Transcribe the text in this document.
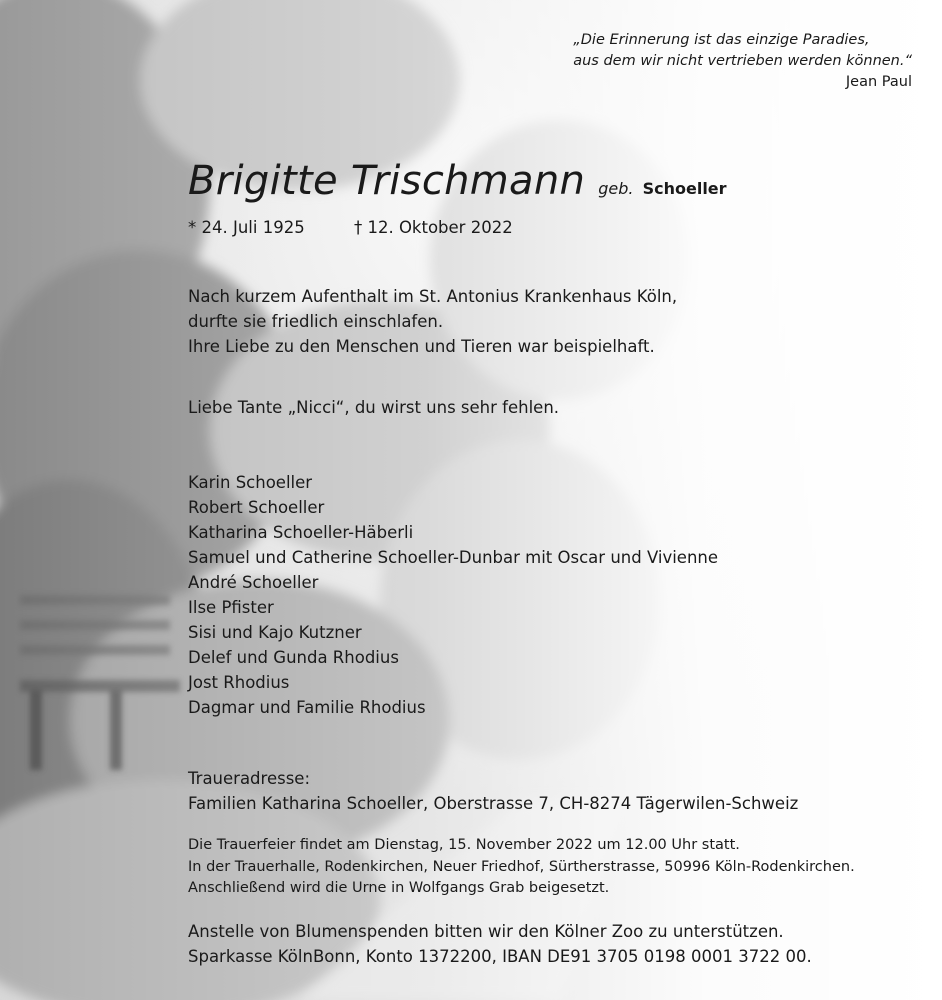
„Die Erinnerung ist das einzige Paradies,
aus dem wir nicht vertrieben werden können.“
Jean Paul
Brigitte Trischmann geb. Schoeller
* 24. Juli 1925	† 12. Oktober 2022
Nach kurzem Aufenthalt im St. Antonius Krankenhaus Köln,
durfte sie friedlich einschlafen.
Ihre Liebe zu den Menschen und Tieren war beispielhaft.
Liebe Tante „Nicci“, du wirst uns sehr fehlen.
Karin Schoeller
Robert Schoeller
Katharina Schoeller-Häberli
Samuel und Catherine Schoeller-Dunbar mit Oscar und Vivienne
André Schoeller
Ilse Pfister
Sisi und Kajo Kutzner
Delef und Gunda Rhodius
Jost Rhodius
Dagmar und Familie Rhodius
Traueradresse:
Familien Katharina Schoeller, Oberstrasse 7, CH-8274 Tägerwilen-Schweiz
Die Trauerfeier findet am Dienstag, 15. November 2022 um 12.00 Uhr statt.
In der Trauerhalle, Rodenkirchen, Neuer Friedhof, Sürtherstrasse, 50996 Köln-Rodenkirchen.
Anschließend wird die Urne in Wolfgangs Grab beigesetzt.
Anstelle von Blumenspenden bitten wir den Kölner Zoo zu unterstützen.
Sparkasse KölnBonn, Konto 1372200, IBAN DE91 3705 0198 0001 3722 00.
